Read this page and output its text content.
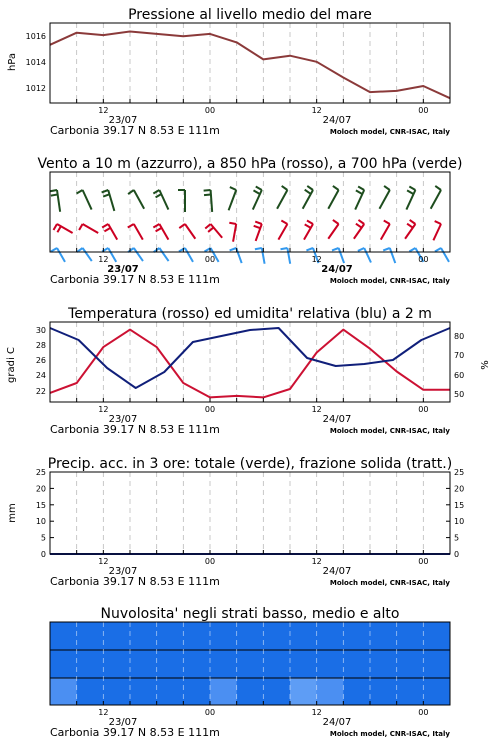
Pressione al livello medio del mare
hPa
1016
1014
1012
Vento a 10 m (azzurro), a 850 hPa (rosso), a 700 hPa (verde)
Temperatura (rosso) ed umidita' relativa (blu) a 2 m
gradi C	%
30
28
26
24
22
80
70
60
50
Precip. acc. in 3 ore: totale (verde), frazione solida (tratt.)
mm
25	25
20	20
15	15
10	10
5	5
0	0
Nuvolosita' negli strati basso, medio e alto
12	00	12	00
23/07	24/07
Carbonia 39.17 N 8.53 E 111m	Moloch model, CNR-ISAC, Italy
12	00	12	00
23/07	24/07
Carbonia 39.17 N 8.53 E 111m	Moloch model, CNR-ISAC, Italy
12	00	12	00
23/07	24/07
Carbonia 39.17 N 8.53 E 111m	Moloch model, CNR-ISAC, Italy
12	00	12	00
23/07	24/07
Carbonia 39.17 N 8.53 E 111m	Moloch model, CNR-ISAC, Italy
12	00	12	00
23/07	24/07
Carbonia 39.17 N 8.53 E 111m	Moloch model, CNR-ISAC, Italy
